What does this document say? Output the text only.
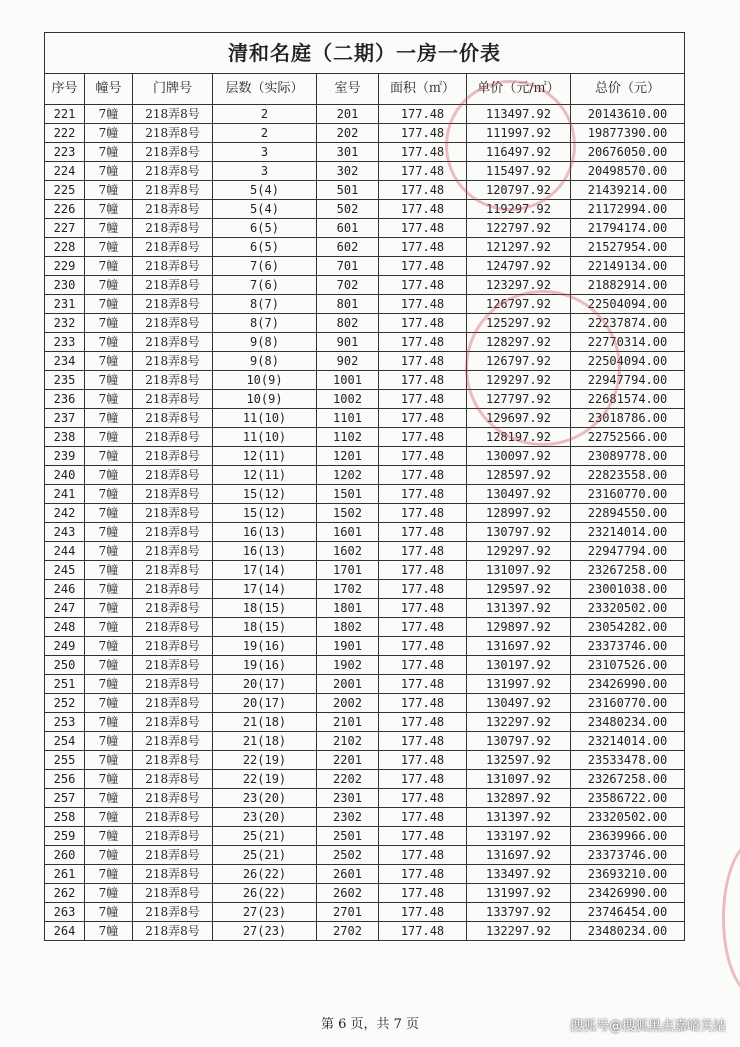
清和名庭（二期）一房一价表							
序号	幢号	门牌号	层数（实际）	室号	面积（㎡）	单价（元/㎡）	总价（元）
221	7幢	218弄8号	2	201	177.48	113497.92	20143610.00
222	7幢	218弄8号	2	202	177.48	111997.92	19877390.00
223	7幢	218弄8号	3	301	177.48	116497.92	20676050.00
224	7幢	218弄8号	3	302	177.48	115497.92	20498570.00
225	7幢	218弄8号	5(4)	501	177.48	120797.92	21439214.00
226	7幢	218弄8号	5(4)	502	177.48	119297.92	21172994.00
227	7幢	218弄8号	6(5)	601	177.48	122797.92	21794174.00
228	7幢	218弄8号	6(5)	602	177.48	121297.92	21527954.00
229	7幢	218弄8号	7(6)	701	177.48	124797.92	22149134.00
230	7幢	218弄8号	7(6)	702	177.48	123297.92	21882914.00
231	7幢	218弄8号	8(7)	801	177.48	126797.92	22504094.00
232	7幢	218弄8号	8(7)	802	177.48	125297.92	22237874.00
233	7幢	218弄8号	9(8)	901	177.48	128297.92	22770314.00
234	7幢	218弄8号	9(8)	902	177.48	126797.92	22504094.00
235	7幢	218弄8号	10(9)	1001	177.48	129297.92	22947794.00
236	7幢	218弄8号	10(9)	1002	177.48	127797.92	22681574.00
237	7幢	218弄8号	11(10)	1101	177.48	129697.92	23018786.00
238	7幢	218弄8号	11(10)	1102	177.48	128197.92	22752566.00
239	7幢	218弄8号	12(11)	1201	177.48	130097.92	23089778.00
240	7幢	218弄8号	12(11)	1202	177.48	128597.92	22823558.00
241	7幢	218弄8号	15(12)	1501	177.48	130497.92	23160770.00
242	7幢	218弄8号	15(12)	1502	177.48	128997.92	22894550.00
243	7幢	218弄8号	16(13)	1601	177.48	130797.92	23214014.00
244	7幢	218弄8号	16(13)	1602	177.48	129297.92	22947794.00
245	7幢	218弄8号	17(14)	1701	177.48	131097.92	23267258.00
246	7幢	218弄8号	17(14)	1702	177.48	129597.92	23001038.00
247	7幢	218弄8号	18(15)	1801	177.48	131397.92	23320502.00
248	7幢	218弄8号	18(15)	1802	177.48	129897.92	23054282.00
249	7幢	218弄8号	19(16)	1901	177.48	131697.92	23373746.00
250	7幢	218弄8号	19(16)	1902	177.48	130197.92	23107526.00
251	7幢	218弄8号	20(17)	2001	177.48	131997.92	23426990.00
252	7幢	218弄8号	20(17)	2002	177.48	130497.92	23160770.00
253	7幢	218弄8号	21(18)	2101	177.48	132297.92	23480234.00
254	7幢	218弄8号	21(18)	2102	177.48	130797.92	23214014.00
255	7幢	218弄8号	22(19)	2201	177.48	132597.92	23533478.00
256	7幢	218弄8号	22(19)	2202	177.48	131097.92	23267258.00
257	7幢	218弄8号	23(20)	2301	177.48	132897.92	23586722.00
258	7幢	218弄8号	23(20)	2302	177.48	131397.92	23320502.00
259	7幢	218弄8号	25(21)	2501	177.48	133197.92	23639966.00
260	7幢	218弄8号	25(21)	2502	177.48	131697.92	23373746.00
261	7幢	218弄8号	26(22)	2601	177.48	133497.92	23693210.00
262	7幢	218弄8号	26(22)	2602	177.48	131997.92	23426990.00
263	7幢	218弄8号	27(23)	2701	177.48	133797.92	23746454.00
264	7幢	218弄8号	27(23)	2702	177.48	132297.92	23480234.00
第 6 页，共 7 页	搜狐号@搜狐黑点嘉峪关站
